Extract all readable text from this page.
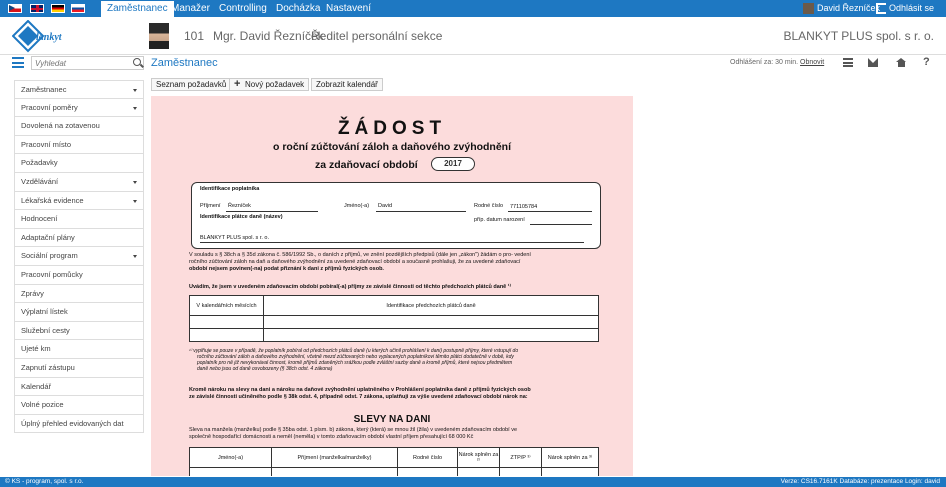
Zaměstnanec Manažer Controlling Docházka Nastavení	David Řezníček Odhlásit se
blankyt	101 Mgr. David Řezníček
Ředitel personální sekce	BLANKYT PLUS spol. s r. o.
Vyhledat
Zaměstnanec	Odhlášení za: 30 min. Obnovit	?
Seznam požadavků + Nový požadavek	Zobrazit kalendář
Zaměstnanec
Pracovní poměry
Dovolená na zotavenou
Pracovní místo
Požadavky
Vzdělávání
Lékařská evidence
Hodnocení
Adaptační plány
Sociální program
Pracovní pomůcky
Zprávy
Výplatní lístek
Služební cesty
Ujeté km
Zapnutí zástupu
Kalendář
Volné pozice
Úplný přehled evidovaných dat
ŽÁDOST
o roční zúčtování záloh a daňového zvýhodnění
za zdaňovací období	2017
Identifikace poplatníka
Příjmení Řezníček	Jméno(-a) David	Rodné číslo 771105784
Identifikace plátce daně (název)	příp. datum narození
BLANKYT PLUS spol. s r. o.
V souladu s § 38ch a § 35d zákona č. 586/1992 Sb., o daních z příjmů, ve znění pozdějších předpisů (dále jen „zákon") žádám o pro- vedení
ročního zúčtování záloh na daň a daňového zvýhodnění za uvedené zdaňovací období a současně prohlašuji, že za uvedené zdaňovací
období nejsem povinen(-na) podat přiznání k dani z příjmů fyzických osob.
Uvádím, že jsem v uvedeném zdaňovacím období pobíral(-a) příjmy ze závislé činnosti od těchto předchozích plátců daně ¹⁾
V kalendářních měsících	Identifikace předchozích plátců daně

¹⁾ vyplňuje se pouze v případě, že poplatník pobíral od předchozích plátců daně (u kterých učinil prohlášení k dani) postupně příjmy, které vstupují do
ročního zúčtování záloh a daňového zvýhodnění, včetně mezd zúčtovaných nebo vyplacených poplatníkovi těmito plátci dodatečně v době, kdy
poplatník pro ně již nevykonával činnost, kromě příjmů zdaněných srážkou podle zvláštní sazby daně a kromě příjmů, které nejsou předmětem
daně nebo jsou od daně osvobozeny (§ 38ch odst. 4 zákona)
Kromě nároku na slevy na dani a nároku na daňové zvýhodnění uplatněného v Prohlášení poplatníka daně z příjmů fyzických osob
ze závislé činnosti učiněného podle § 38k odst. 4, případně odst. 7 zákona, uplatňuji za výše uvedené zdaňovací období nárok na:
SLEVY NA DANI
Sleva na manžela (manželku) podle § 35ba odst. 1 písm. b) zákona, který (která) se mnou žil (žila) v uvedeném zdaňovacím období ve
společně hospodařící domácnosti a neměl (neměla) v tomto zdaňovacím období vlastní příjem přesahující 68 000 Kč
Jméno(-a)	Příjmení (manželka/manželky)	Rodné číslo	Nárok splněn za ²⁾	ZTP/P ³⁾	Nárok splněn za ³⁾

© KS - program, spol. s r.o.	Verze: CS16.7161K Databáze: prezentace Login: david
